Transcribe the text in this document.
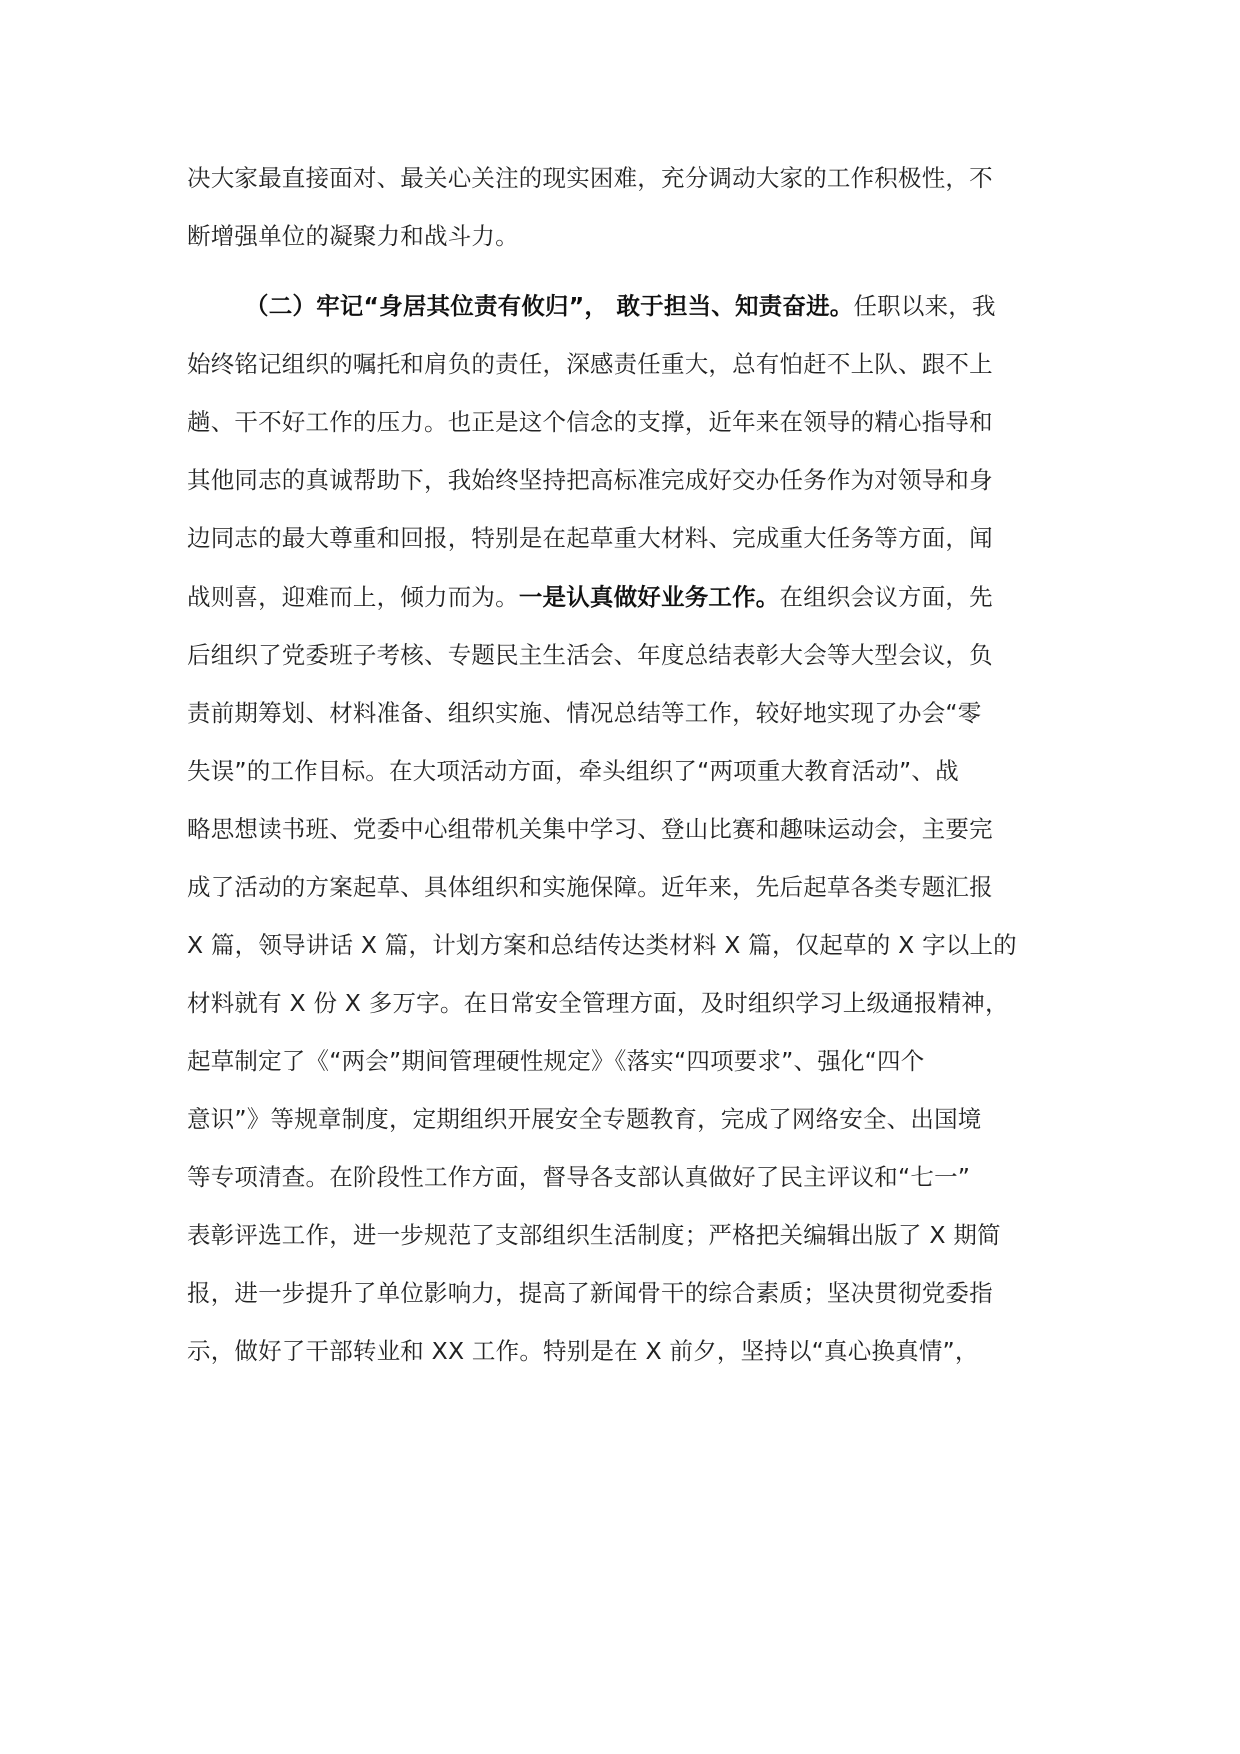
决大家最直接面对、最关心关注的现实困难，充分调动大家的工作积极性，不
断增强单位的凝聚力和战斗力。
（二）牢记“身居其位责有攸归”， 敢于担当、知责奋进。任职以来，我
始终铭记组织的嘱托和肩负的责任，深感责任重大，总有怕赶不上队、跟不上
趟、干不好工作的压力。也正是这个信念的支撑，近年来在领导的精心指导和
其他同志的真诚帮助下，我始终坚持把高标准完成好交办任务作为对领导和身
边同志的最大尊重和回报，特别是在起草重大材料、完成重大任务等方面，闻
战则喜，迎难而上，倾力而为。一是认真做好业务工作。在组织会议方面，先
后组织了党委班子考核、专题民主生活会、年度总结表彰大会等大型会议，负
责前期筹划、材料准备、组织实施、情况总结等工作，较好地实现了办会“零
失误”的工作目标。在大项活动方面，牵头组织了“两项重大教育活动”、战
略思想读书班、党委中心组带机关集中学习、登山比赛和趣味运动会，主要完
成了活动的方案起草、具体组织和实施保障。近年来，先后起草各类专题汇报
X 篇，领导讲话 X 篇，计划方案和总结传达类材料 X 篇，仅起草的 X 字以上的
材料就有 X 份 X 多万字。在日常安全管理方面，及时组织学习上级通报精神，
起草制定了《“两会”期间管理硬性规定》《落实“四项要求”、强化“四个
意识”》等规章制度，定期组织开展安全专题教育，完成了网络安全、出国境
等专项清查。在阶段性工作方面，督导各支部认真做好了民主评议和“七一”
表彰评选工作，进一步规范了支部组织生活制度；严格把关编辑出版了 X 期简
报，进一步提升了单位影响力，提高了新闻骨干的综合素质；坚决贯彻党委指
示，做好了干部转业和 XX 工作。特别是在 X 前夕，坚持以“真心换真情”，
